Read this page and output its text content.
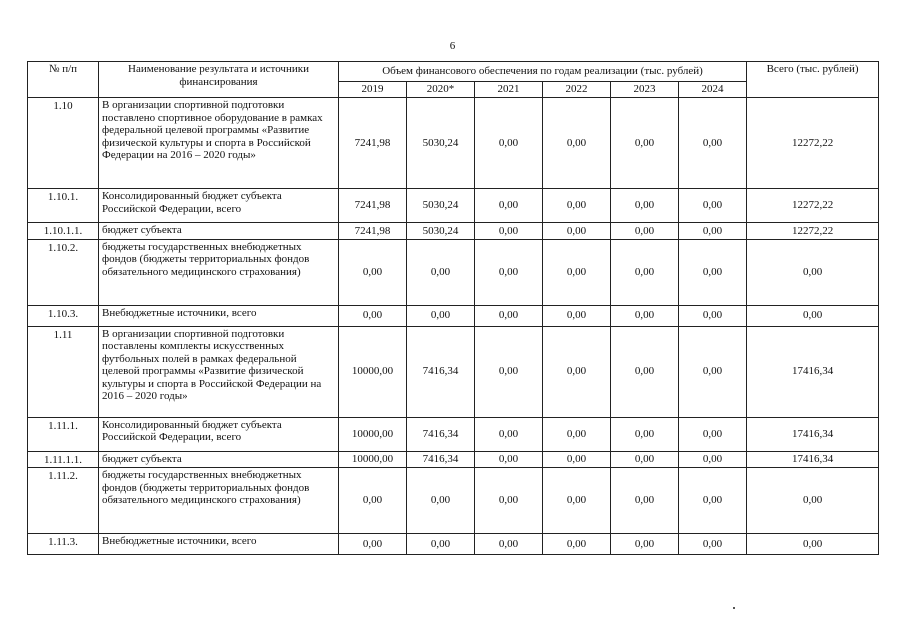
6
№ п/п	Наименование результата и источники финансирования	Объем финансового обеспечения по годам реализации (тыс. рублей)						Всего (тыс. рублей)
		2019	2020*	2021	2022	2023	2024	
1.10	В организации спортивной подготовки поставлено спортивное оборудование в рамках федеральной целевой программы «Развитие физической культуры и спорта в Российской Федерации на 2016 – 2020 годы»	7241,98	5030,24	0,00	0,00	0,00	0,00	12272,22
1.10.1.	Консолидированный бюджет субъекта Российской Федерации, всего	7241,98	5030,24	0,00	0,00	0,00	0,00	12272,22
1.10.1.1.	бюджет субъекта	7241,98	5030,24	0,00	0,00	0,00	0,00	12272,22
1.10.2.	бюджеты государственных внебюджетных фондов (бюджеты территориальных фондов обязательного медицинского страхования)	0,00	0,00	0,00	0,00	0,00	0,00	0,00
1.10.3.	Внебюджетные источники, всего	0,00	0,00	0,00	0,00	0,00	0,00	0,00
1.11	В организации спортивной подготовки поставлены комплекты искусственных футбольных полей в рамках федеральной целевой программы «Развитие физической культуры и спорта в Российской Федерации на 2016 – 2020 годы»	10000,00	7416,34	0,00	0,00	0,00	0,00	17416,34
1.11.1.	Консолидированный бюджет субъекта Российской Федерации, всего	10000,00	7416,34	0,00	0,00	0,00	0,00	17416,34
1.11.1.1.	бюджет субъекта	10000,00	7416,34	0,00	0,00	0,00	0,00	17416,34
1.11.2.	бюджеты государственных внебюджетных фондов (бюджеты территориальных фондов обязательного медицинского страхования)	0,00	0,00	0,00	0,00	0,00	0,00	0,00
1.11.3.	Внебюджетные источники, всего	0,00	0,00	0,00	0,00	0,00	0,00	0,00
